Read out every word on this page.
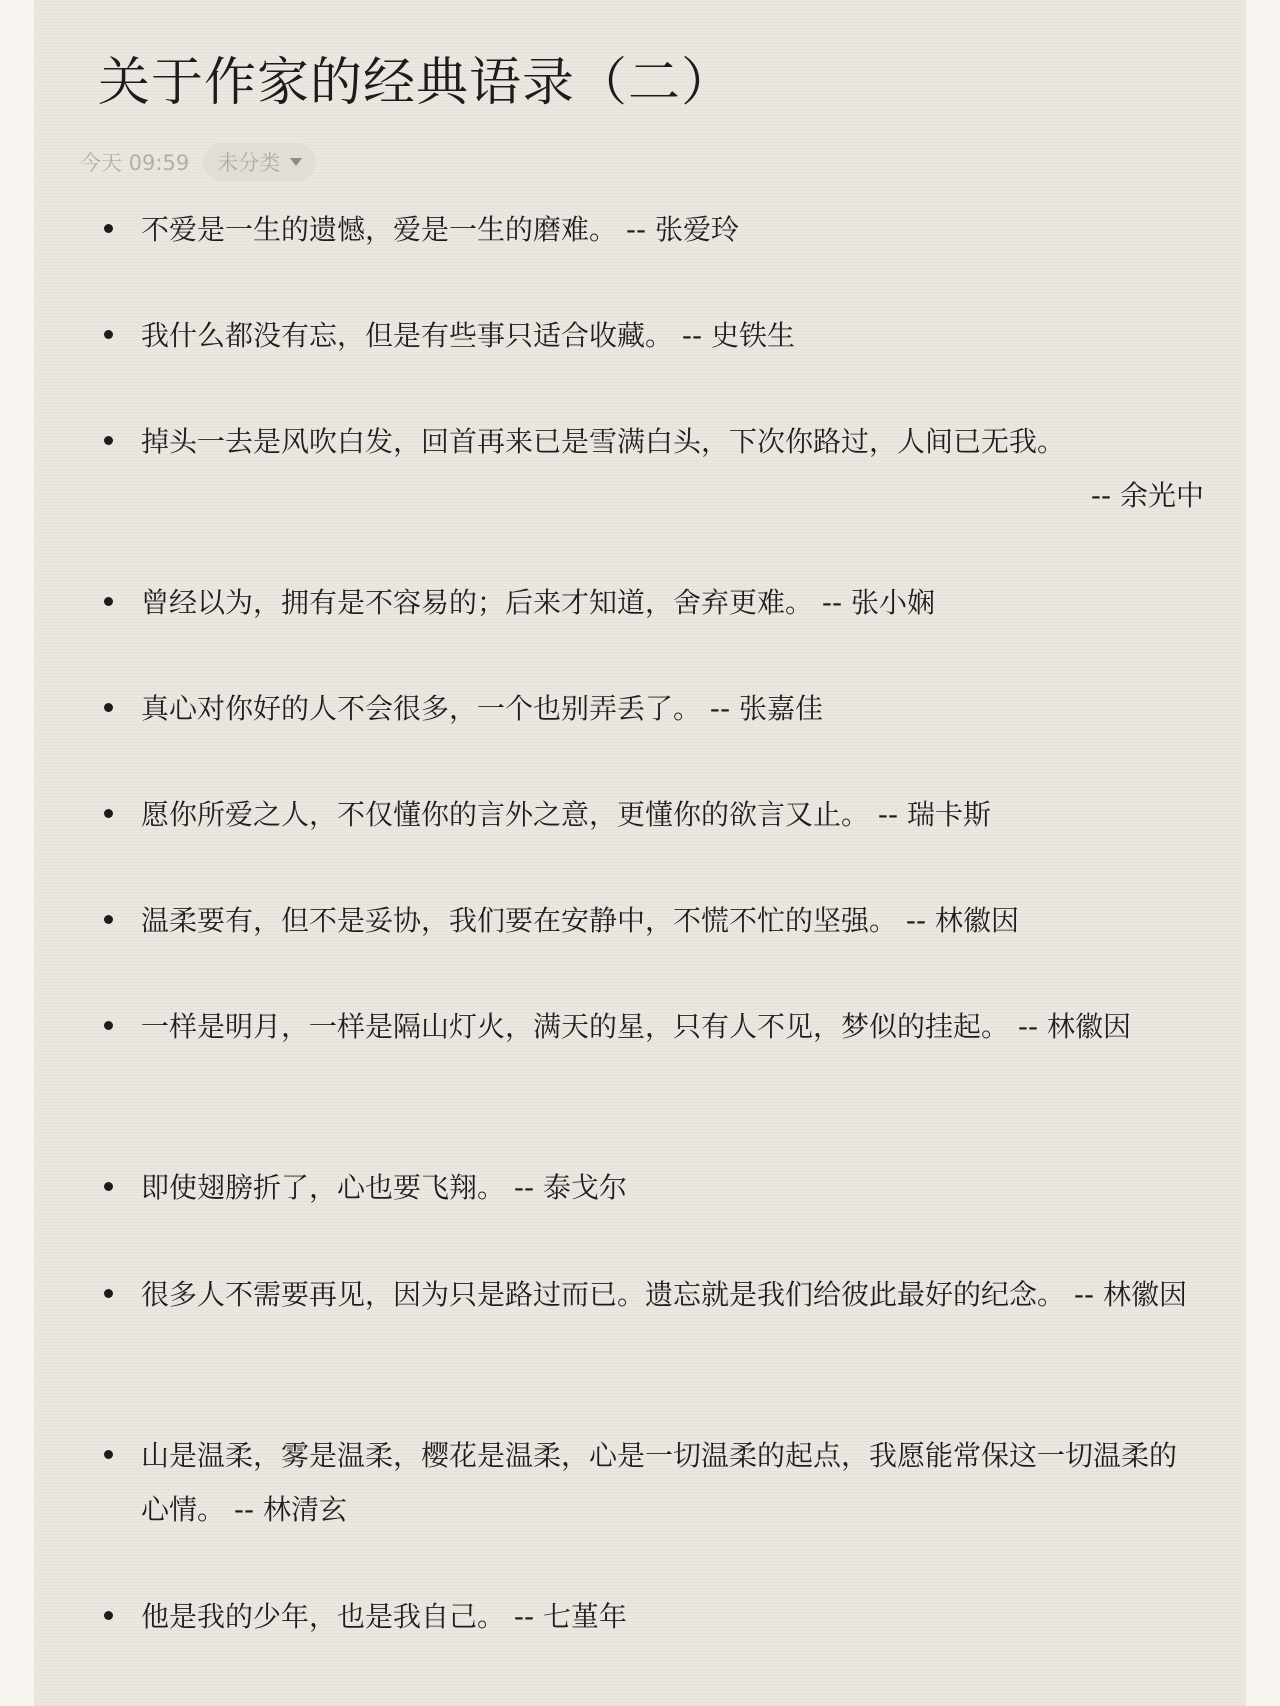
关于作家的经典语录（二）
今天 09:59 未分类
不爱是一生的遗憾，爱是一生的磨难。 -- 张爱玲
我什么都没有忘，但是有些事只适合收藏。 -- 史铁生
掉头一去是风吹白发，回首再来已是雪满白头，下次你路过，人间已无我。
-- 余光中
曾经以为，拥有是不容易的；后来才知道，舍弃更难。 -- 张小娴
真心对你好的人不会很多，一个也别弄丢了。 -- 张嘉佳
愿你所爱之人，不仅懂你的言外之意，更懂你的欲言又止。 -- 瑞卡斯
温柔要有，但不是妥协，我们要在安静中，不慌不忙的坚强。 -- 林徽因
一样是明月，一样是隔山灯火，满天的星，只有人不见，梦似的挂起。 -- 林徽因
即使翅膀折了，心也要飞翔。 -- 泰戈尔
很多人不需要再见，因为只是路过而已。遗忘就是我们给彼此最好的纪念。 -- 林徽因
山是温柔，雾是温柔，樱花是温柔，心是一切温柔的起点，我愿能常保这一切温柔的心情。 -- 林清玄
他是我的少年，也是我自己。 -- 七堇年
